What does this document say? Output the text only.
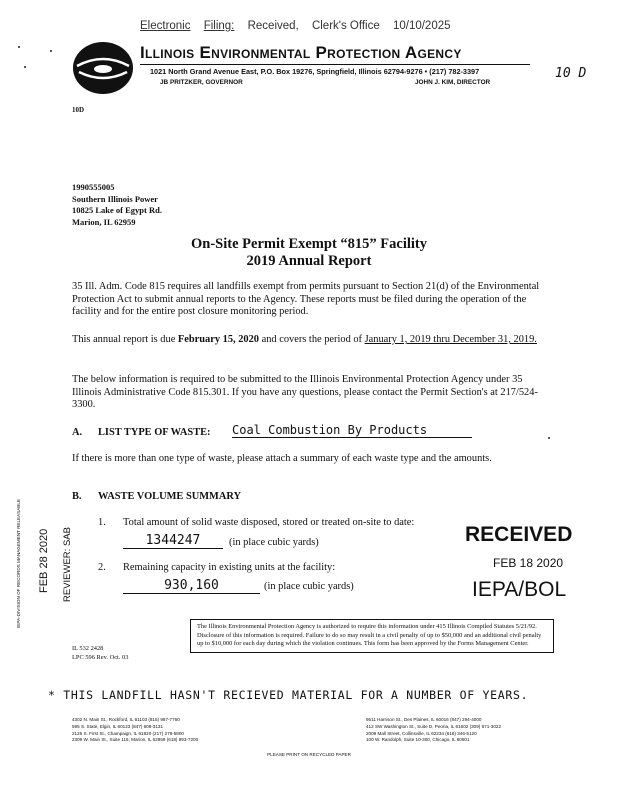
Electronic Filing: Received, Clerk's Office 10/10/2025
Illinois Environmental Protection Agency
1021 North Grand Avenue East, P.O. Box 19276, Springfield, Illinois 62794-9276 • (217) 782-3397
JB PRITZKER, GOVERNOR	JOHN J. KIM, DIRECTOR
10 D
10D
1990555005
Southern Illinois Power
10825 Lake of Egypt Rd.
Marion, IL 62959
On-Site Permit Exempt “815” Facility
2019 Annual Report
35 Ill. Adm. Code 815 requires all landfills exempt from permits pursuant to Section 21(d) of the Environmental Protection Act to submit annual reports to the Agency. These reports must be filed during the operation of the facility and for the entire post closure monitoring period.
This annual report is due February 15, 2020 and covers the period of January 1, 2019 thru December 31, 2019.
The below information is required to be submitted to the Illinois Environmental Protection Agency under 35 Illinois Administrative Code 815.301. If you have any questions, please contact the Permit Section's at 217/524-3300.
A. LIST TYPE OF WASTE: Coal Combustion By Products
If there is more than one type of waste, please attach a summary of each waste type and the amounts.
B. WASTE VOLUME SUMMARY
1. Total amount of solid waste disposed, stored or treated on-site to date:
1344247	(in place cubic yards)
2. Remaining capacity in existing units at the facility:
930,160	(in place cubic yards)
RECEIVED
FEB 18 2020
IEPA/BOL
FEB 28 2020 REVIEWER: SAB
IEPA-DIVISION OF RECORDS MANAGEMENT RELEASABLE	The Illinois Environmental Protection Agency is authorized to require this information under 415 Illinois Compiled Statutes 5/21/92. Disclosure of this information is required. Failure to do so may result in a civil penalty of up to $50,000 and an additional civil penalty up to $10,000 for each day during which the violation continues. This form has been approved by the Forms Management Center.
IL 532 2428
LPC 596 Rev. Oct. 03
* THIS LANDFILL HASN'T RECIEVED MATERIAL FOR A NUMBER OF YEARS.
4302 N. Main St., Rockford, IL 61103 (815) 987-7760
595 S. State, Elgin, IL 60123 (847) 608-3131
2125 S. First St., Champaign, IL 61820 (217) 278-5800
2309 W. Main St., Suite 116, Marion, IL 62959 (618) 993-7200
9511 Harrison St., Des Plaines, IL 60016 (847) 294-4000
412 SW Washington St., Suite D, Peoria, IL 61602 (309) 671-3022
2009 Mall Street, Collinsville, IL 62234 (618) 346-5120
100 W. Randolph, Suite 10-300, Chicago, IL 60601
PLEASE PRINT ON RECYCLED PAPER
